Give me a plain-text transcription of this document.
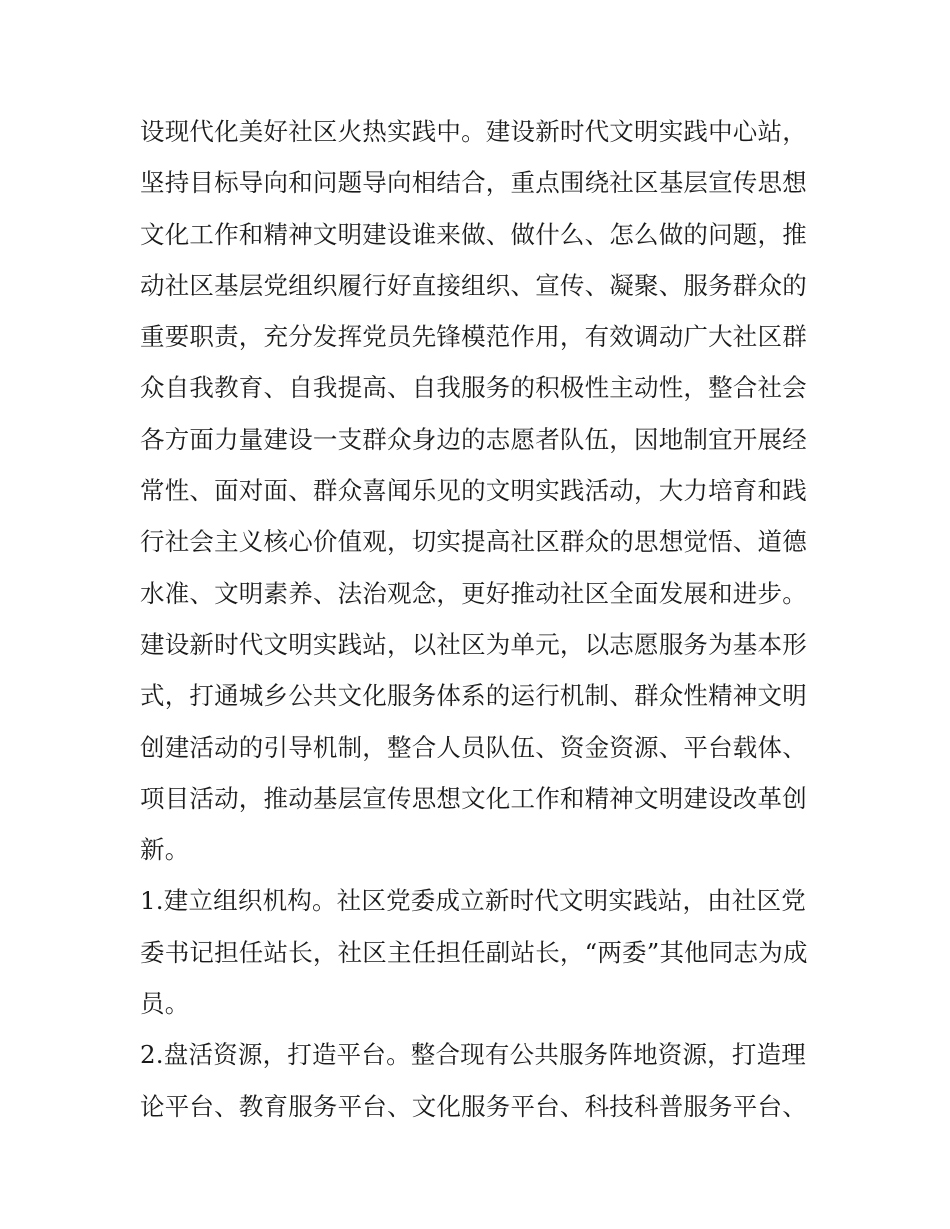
设现代化美好社区火热实践中。建设新时代文明实践中心站，
坚持目标导向和问题导向相结合，重点围绕社区基层宣传思想
文化工作和精神文明建设谁来做、做什么、怎么做的问题，推
动社区基层党组织履行好直接组织、宣传、凝聚、服务群众的
重要职责，充分发挥党员先锋模范作用，有效调动广大社区群
众自我教育、自我提高、自我服务的积极性主动性，整合社会
各方面力量建设一支群众身边的志愿者队伍，因地制宜开展经
常性、面对面、群众喜闻乐见的文明实践活动，大力培育和践
行社会主义核心价值观，切实提高社区群众的思想觉悟、道德
水准、文明素养、法治观念，更好推动社区全面发展和进步。
建设新时代文明实践站，以社区为单元，以志愿服务为基本形
式，打通城乡公共文化服务体系的运行机制、群众性精神文明
创建活动的引导机制，整合人员队伍、资金资源、平台载体、
项目活动，推动基层宣传思想文化工作和精神文明建设改革创
新。
1.建立组织机构。社区党委成立新时代文明实践站，由社区党
委书记担任站长，社区主任担任副站长，“两委”其他同志为成
员。
2.盘活资源，打造平台。整合现有公共服务阵地资源，打造理
论平台、教育服务平台、文化服务平台、科技科普服务平台、
